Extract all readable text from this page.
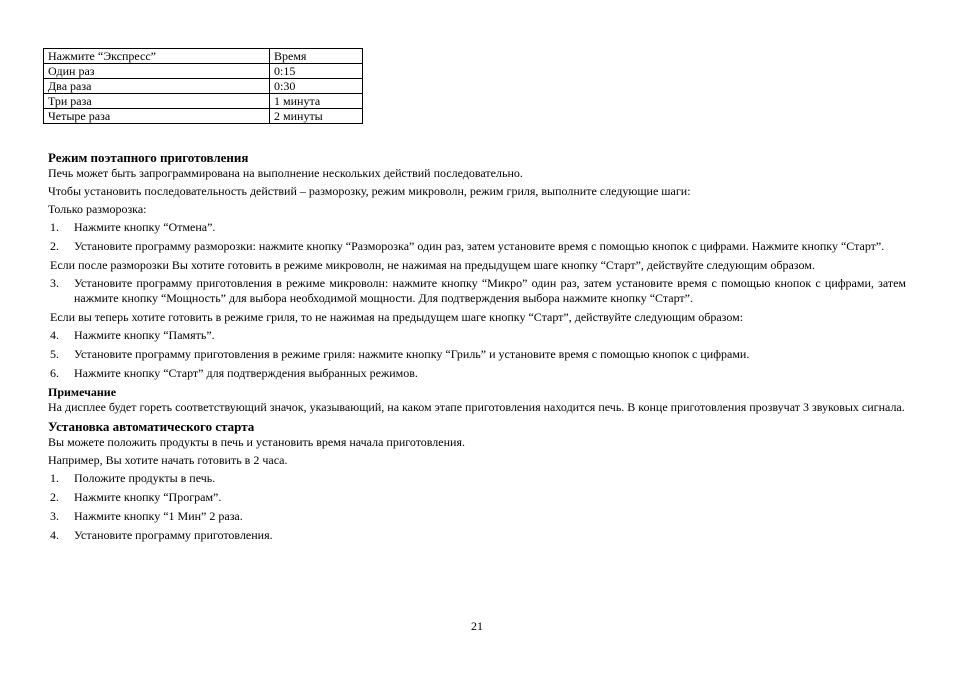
Нажмите “Экспресс”	Время
Один раз	0:15
Два раза	0:30
Три раза	1 минута
Четыре раза	2 минуты
Режим поэтапного приготовления
Печь может быть запрограммирована на выполнение нескольких действий последовательно.
Чтобы установить последовательность действий – разморозку, режим микроволн, режим гриля, выполните следующие шаги:
Только разморозка:
1. Нажмите кнопку “Отмена”.
2. Установите программу разморозки: нажмите кнопку “Разморозка” один раз, затем установите время с помощью кнопок с цифрами. Нажмите кнопку “Старт”.
Если после разморозки Вы хотите готовить в режиме микроволн, не нажимая на предыдущем шаге кнопку “Старт”, действуйте следующим образом.
3. Установите программу приготовления в режиме микроволн: нажмите кнопку “Микро” один раз, затем установите время с помощью кнопок с цифрами, затем нажмите кнопку “Мощность” для выбора необходимой мощности. Для подтверждения выбора нажмите кнопку “Старт”.
Если вы теперь хотите готовить в режиме гриля, то не нажимая на предыдущем шаге кнопку “Старт”, действуйте следующим образом:
4. Нажмите кнопку “Память”.
5. Установите программу приготовления в режиме гриля: нажмите кнопку “Гриль” и установите время с помощью кнопок с цифрами.
6. Нажмите кнопку “Старт” для подтверждения выбранных режимов.
Примечание
На дисплее будет гореть соответствующий значок, указывающий, на каком этапе приготовления находится печь. В конце приготовления прозвучат 3 звуковых сигнала.
Установка автоматического старта
Вы можете положить продукты в печь и установить время начала приготовления.
Например, Вы хотите начать готовить в 2 часа.
1. Положите продукты в печь.
2. Нажмите кнопку “Програм”.
3. Нажмите кнопку “1 Мин” 2 раза.
4. Установите программу приготовления.
21
